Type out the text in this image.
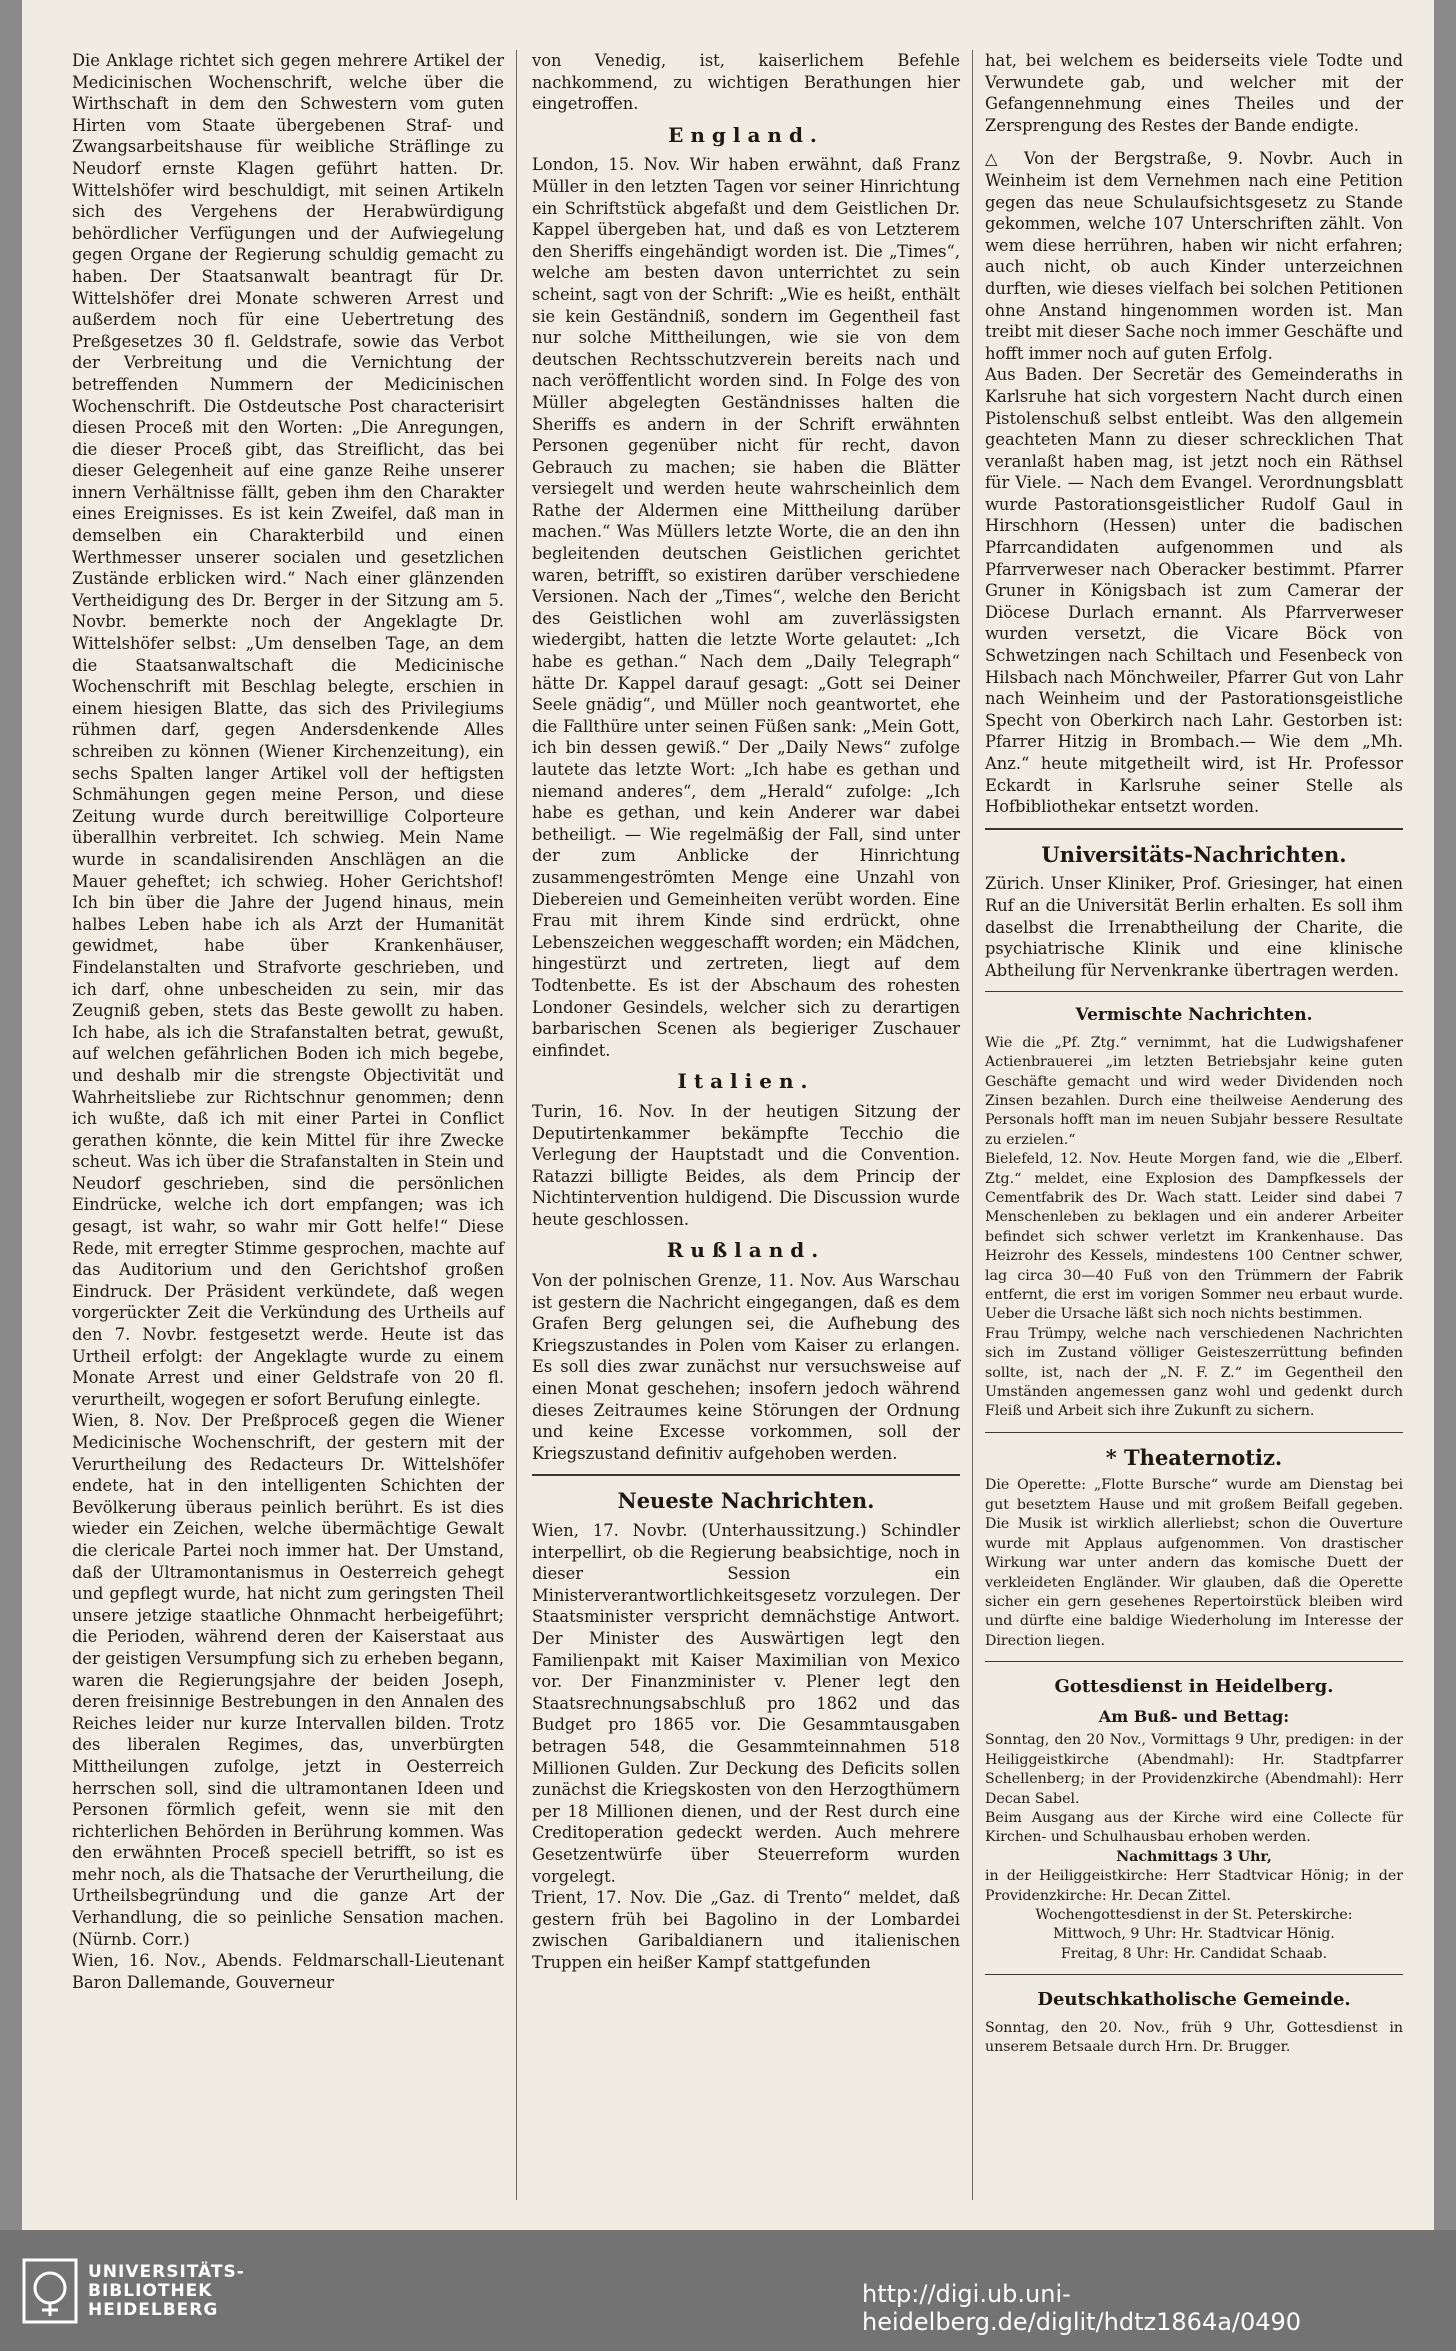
Die Anklage richtet sich gegen mehrere Artikel der Medicinischen Wochenschrift, welche über die Wirthschaft in dem den Schwestern vom guten Hirten vom Staate übergebenen Straf- und Zwangsarbeitshause für weibliche Sträflinge zu Neudorf ernste Klagen geführt hatten. Dr. Wittelshöfer wird beschuldigt, mit seinen Artikeln sich des Vergehens der Herabwürdigung behördlicher Verfügungen und der Aufwiegelung gegen Organe der Regierung schuldig gemacht zu haben. Der Staatsanwalt beantragt für Dr. Wittelshöfer drei Monate schweren Arrest und außerdem noch für eine Uebertretung des Preßgesetzes 30 fl. Geldstrafe, sowie das Verbot der Verbreitung und die Vernichtung der betreffenden Nummern der Medicinischen Wochenschrift. Die Ostdeutsche Post characterisirt diesen Proceß mit den Worten: „Die Anregungen, die dieser Proceß gibt, das Streiflicht, das bei dieser Gelegenheit auf eine ganze Reihe unserer innern Verhältnisse fällt, geben ihm den Charakter eines Ereignisses. Es ist kein Zweifel, daß man in demselben ein Charakterbild und einen Werthmesser unserer socialen und gesetzlichen Zustände erblicken wird.“ Nach einer glänzenden Vertheidigung des Dr. Berger in der Sitzung am 5. Novbr. bemerkte noch der Angeklagte Dr. Wittelshöfer selbst: „Um denselben Tage, an dem die Staatsanwaltschaft die Medicinische Wochenschrift mit Beschlag belegte, erschien in einem hiesigen Blatte, das sich des Privilegiums rühmen darf, gegen Andersdenkende Alles schreiben zu können (Wiener Kirchenzeitung), ein sechs Spalten langer Artikel voll der heftigsten Schmähungen gegen meine Person, und diese Zeitung wurde durch bereitwillige Colporteure überallhin verbreitet. Ich schwieg. Mein Name wurde in scandalisirenden Anschlägen an die Mauer geheftet; ich schwieg. Hoher Gerichtshof! Ich bin über die Jahre der Jugend hinaus, mein halbes Leben habe ich als Arzt der Humanität gewidmet, habe über Krankenhäuser, Findelanstalten und Strafvorte geschrieben, und ich darf, ohne unbescheiden zu sein, mir das Zeugniß geben, stets das Beste gewollt zu haben. Ich habe, als ich die Strafanstalten betrat, gewußt, auf welchen gefährlichen Boden ich mich begebe, und deshalb mir die strengste Objectivität und Wahrheitsliebe zur Richtschnur genommen; denn ich wußte, daß ich mit einer Partei in Conflict gerathen könnte, die kein Mittel für ihre Zwecke scheut. Was ich über die Strafanstalten in Stein und Neudorf geschrieben, sind die persönlichen Eindrücke, welche ich dort empfangen; was ich gesagt, ist wahr, so wahr mir Gott helfe!“ Diese Rede, mit erregter Stimme gesprochen, machte auf das Auditorium und den Gerichtshof großen Eindruck. Der Präsident verkündete, daß wegen vorgerückter Zeit die Verkündung des Urtheils auf den 7. Novbr. festgesetzt werde. Heute ist das Urtheil erfolgt: der Angeklagte wurde zu einem Monate Arrest und einer Geldstrafe von 20 fl. verurtheilt, wogegen er sofort Berufung einlegte.

Wien, 8. Nov. Der Preßproceß gegen die Wiener Medicinische Wochenschrift, der gestern mit der Verurtheilung des Redacteurs Dr. Wittelshöfer endete, hat in den intelligenten Schichten der Bevölkerung überaus peinlich berührt. Es ist dies wieder ein Zeichen, welche übermächtige Gewalt die clericale Partei noch immer hat. Der Umstand, daß der Ultramontanismus in Oesterreich gehegt und gepflegt wurde, hat nicht zum geringsten Theil unsere jetzige staatliche Ohnmacht herbeigeführt; die Perioden, während deren der Kaiserstaat aus der geistigen Versumpfung sich zu erheben begann, waren die Regierungsjahre der beiden Joseph, deren freisinnige Bestrebungen in den Annalen des Reiches leider nur kurze Intervallen bilden. Trotz des liberalen Regimes, das, unverbürgten Mittheilungen zufolge, jetzt in Oesterreich herrschen soll, sind die ultramontanen Ideen und Personen förmlich gefeit, wenn sie mit den richterlichen Behörden in Berührung kommen. Was den erwähnten Proceß speciell betrifft, so ist es mehr noch, als die Thatsache der Verurtheilung, die Urtheilsbegründung und die ganze Art der Verhandlung, die so peinliche Sensation machen. (Nürnb. Corr.)

Wien, 16. Nov., Abends. Feldmarschall-Lieutenant Baron Dallemande, Gouverneur

von Venedig, ist, kaiserlichem Befehle nachkommend, zu wichtigen Berathungen hier eingetroffen.

England.

London, 15. Nov. Wir haben erwähnt, daß Franz Müller in den letzten Tagen vor seiner Hinrichtung ein Schriftstück abgefaßt und dem Geistlichen Dr. Kappel übergeben hat, und daß es von Letzterem den Sheriffs eingehändigt worden ist. Die „Times“, welche am besten davon unterrichtet zu sein scheint, sagt von der Schrift: „Wie es heißt, enthält sie kein Geständniß, sondern im Gegentheil fast nur solche Mittheilungen, wie sie von dem deutschen Rechtsschutzverein bereits nach und nach veröffentlicht worden sind. In Folge des von Müller abgelegten Geständnisses halten die Sheriffs es andern in der Schrift erwähnten Personen gegenüber nicht für recht, davon Gebrauch zu machen; sie haben die Blätter versiegelt und werden heute wahrscheinlich dem Rathe der Aldermen eine Mittheilung darüber machen.“ Was Müllers letzte Worte, die an den ihn begleitenden deutschen Geistlichen gerichtet waren, betrifft, so existiren darüber verschiedene Versionen. Nach der „Times“, welche den Bericht des Geistlichen wohl am zuverlässigsten wiedergibt, hatten die letzte Worte gelautet: „Ich habe es gethan.“ Nach dem „Daily Telegraph“ hätte Dr. Kappel darauf gesagt: „Gott sei Deiner Seele gnädig“, und Müller noch geantwortet, ehe die Fallthüre unter seinen Füßen sank: „Mein Gott, ich bin dessen gewiß.“ Der „Daily News“ zufolge lautete das letzte Wort: „Ich habe es gethan und niemand anderes“, dem „Herald“ zufolge: „Ich habe es gethan, und kein Anderer war dabei betheiligt. — Wie regelmäßig der Fall, sind unter der zum Anblicke der Hinrichtung zusammengeströmten Menge eine Unzahl von Diebereien und Gemeinheiten verübt worden. Eine Frau mit ihrem Kinde sind erdrückt, ohne Lebenszeichen weggeschafft worden; ein Mädchen, hingestürzt und zertreten, liegt auf dem Todtenbette. Es ist der Abschaum des rohesten Londoner Gesindels, welcher sich zu derartigen barbarischen Scenen als begieriger Zuschauer einfindet.

Italien.

Turin, 16. Nov. In der heutigen Sitzung der Deputirtenkammer bekämpfte Tecchio die Verlegung der Hauptstadt und die Convention. Ratazzi billigte Beides, als dem Princip der Nichtintervention huldigend. Die Discussion wurde heute geschlossen.

Rußland.

Von der polnischen Grenze, 11. Nov. Aus Warschau ist gestern die Nachricht eingegangen, daß es dem Grafen Berg gelungen sei, die Aufhebung des Kriegszustandes in Polen vom Kaiser zu erlangen. Es soll dies zwar zunächst nur versuchsweise auf einen Monat geschehen; insofern jedoch während dieses Zeitraumes keine Störungen der Ordnung und keine Excesse vorkommen, soll der Kriegszustand definitiv aufgehoben werden.

Neueste Nachrichten.

Wien, 17. Novbr. (Unterhaussitzung.) Schindler interpellirt, ob die Regierung beabsichtige, noch in dieser Session ein Ministerverantwortlichkeitsgesetz vorzulegen. Der Staatsminister verspricht demnächstige Antwort. Der Minister des Auswärtigen legt den Familienpakt mit Kaiser Maximilian von Mexico vor. Der Finanzminister v. Plener legt den Staatsrechnungsabschluß pro 1862 und das Budget pro 1865 vor. Die Gesammtausgaben betragen 548, die Gesammteinnahmen 518 Millionen Gulden. Zur Deckung des Deficits sollen zunächst die Kriegskosten von den Herzogthümern per 18 Millionen dienen, und der Rest durch eine Creditoperation gedeckt werden. Auch mehrere Gesetzentwürfe über Steuerreform wurden vorgelegt.

Trient, 17. Nov. Die „Gaz. di Trento“ meldet, daß gestern früh bei Bagolino in der Lombardei zwischen Garibaldianern und italienischen Truppen ein heißer Kampf stattgefunden

hat, bei welchem es beiderseits viele Todte und Verwundete gab, und welcher mit der Gefangennehmung eines Theiles und der Zersprengung des Restes der Bande endigte.

△ Von der Bergstraße, 9. Novbr. Auch in Weinheim ist dem Vernehmen nach eine Petition gegen das neue Schulaufsichtsgesetz zu Stande gekommen, welche 107 Unterschriften zählt. Von wem diese herrühren, haben wir nicht erfahren; auch nicht, ob auch Kinder unterzeichnen durften, wie dieses vielfach bei solchen Petitionen ohne Anstand hingenommen worden ist. Man treibt mit dieser Sache noch immer Geschäfte und hofft immer noch auf guten Erfolg.

Aus Baden. Der Secretär des Gemeinderaths in Karlsruhe hat sich vorgestern Nacht durch einen Pistolenschuß selbst entleibt. Was den allgemein geachteten Mann zu dieser schrecklichen That veranlaßt haben mag, ist jetzt noch ein Räthsel für Viele. — Nach dem Evangel. Verordnungsblatt wurde Pastorationsgeistlicher Rudolf Gaul in Hirschhorn (Hessen) unter die badischen Pfarrcandidaten aufgenommen und als Pfarrverweser nach Oberacker bestimmt. Pfarrer Gruner in Königsbach ist zum Camerar der Diöcese Durlach ernannt. Als Pfarrverweser wurden versetzt, die Vicare Böck von Schwetzingen nach Schiltach und Fesenbeck von Hilsbach nach Mönchweiler, Pfarrer Gut von Lahr nach Weinheim und der Pastorationsgeistliche Specht von Oberkirch nach Lahr. Gestorben ist: Pfarrer Hitzig in Brombach.— Wie dem „Mh. Anz.“ heute mitgetheilt wird, ist Hr. Professor Eckardt in Karlsruhe seiner Stelle als Hofbibliothekar entsetzt worden.

Universitäts-Nachrichten.

Zürich. Unser Kliniker, Prof. Griesinger, hat einen Ruf an die Universität Berlin erhalten. Es soll ihm daselbst die Irrenabtheilung der Charite, die psychiatrische Klinik und eine klinische Abtheilung für Nervenkranke übertragen werden.

Vermischte Nachrichten.

Wie die „Pf. Ztg.“ vernimmt, hat die Ludwigshafener Actienbrauerei „im letzten Betriebsjahr keine guten Geschäfte gemacht und wird weder Dividenden noch Zinsen bezahlen. Durch eine theilweise Aenderung des Personals hofft man im neuen Subjahr bessere Resultate zu erzielen.“

Bielefeld, 12. Nov. Heute Morgen fand, wie die „Elberf. Ztg.“ meldet, eine Explosion des Dampfkessels der Cementfabrik des Dr. Wach statt. Leider sind dabei 7 Menschenleben zu beklagen und ein anderer Arbeiter befindet sich schwer verletzt im Krankenhause. Das Heizrohr des Kessels, mindestens 100 Centner schwer, lag circa 30—40 Fuß von den Trümmern der Fabrik entfernt, die erst im vorigen Sommer neu erbaut wurde. Ueber die Ursache läßt sich noch nichts bestimmen.

Frau Trümpy, welche nach verschiedenen Nachrichten sich im Zustand völliger Geisteszerrüttung befinden sollte, ist, nach der „N. F. Z.“ im Gegentheil den Umständen angemessen ganz wohl und gedenkt durch Fleiß und Arbeit sich ihre Zukunft zu sichern.

* Theaternotiz.

Die Operette: „Flotte Bursche“ wurde am Dienstag bei gut besetztem Hause und mit großem Beifall gegeben. Die Musik ist wirklich allerliebst; schon die Ouverture wurde mit Applaus aufgenommen. Von drastischer Wirkung war unter andern das komische Duett der verkleideten Engländer. Wir glauben, daß die Operette sicher ein gern gesehenes Repertoirstück bleiben wird und dürfte eine baldige Wiederholung im Interesse der Direction liegen.

Gottesdienst in Heidelberg.
Am Buß- und Bettag:

Sonntag, den 20 Nov., Vormittags 9 Uhr, predigen: in der Heiliggeistkirche (Abendmahl): Hr. Stadtpfarrer Schellenberg; in der Providenzkirche (Abendmahl): Herr Decan Sabel.

Beim Ausgang aus der Kirche wird eine Collecte für Kirchen- und Schulhausbau erhoben werden.

Nachmittags 3 Uhr,

in der Heiliggeistkirche: Herr Stadtvicar Hönig; in der Providenzkirche: Hr. Decan Zittel.

Wochengottesdienst in der St. Peterskirche:

Mittwoch, 9 Uhr: Hr. Stadtvicar Hönig.

Freitag, 8 Uhr: Hr. Candidat Schaab.

Deutschkatholische Gemeinde.

Sonntag, den 20. Nov., früh 9 Uhr, Gottesdienst in unserem Betsaale durch Hrn. Dr. Brugger.

UNIVERSITÄTS-
BIBLIOTHEK
HEIDELBERG
http://digi.ub.uni-heidelberg.de/diglit/hdtz1864a/0490
